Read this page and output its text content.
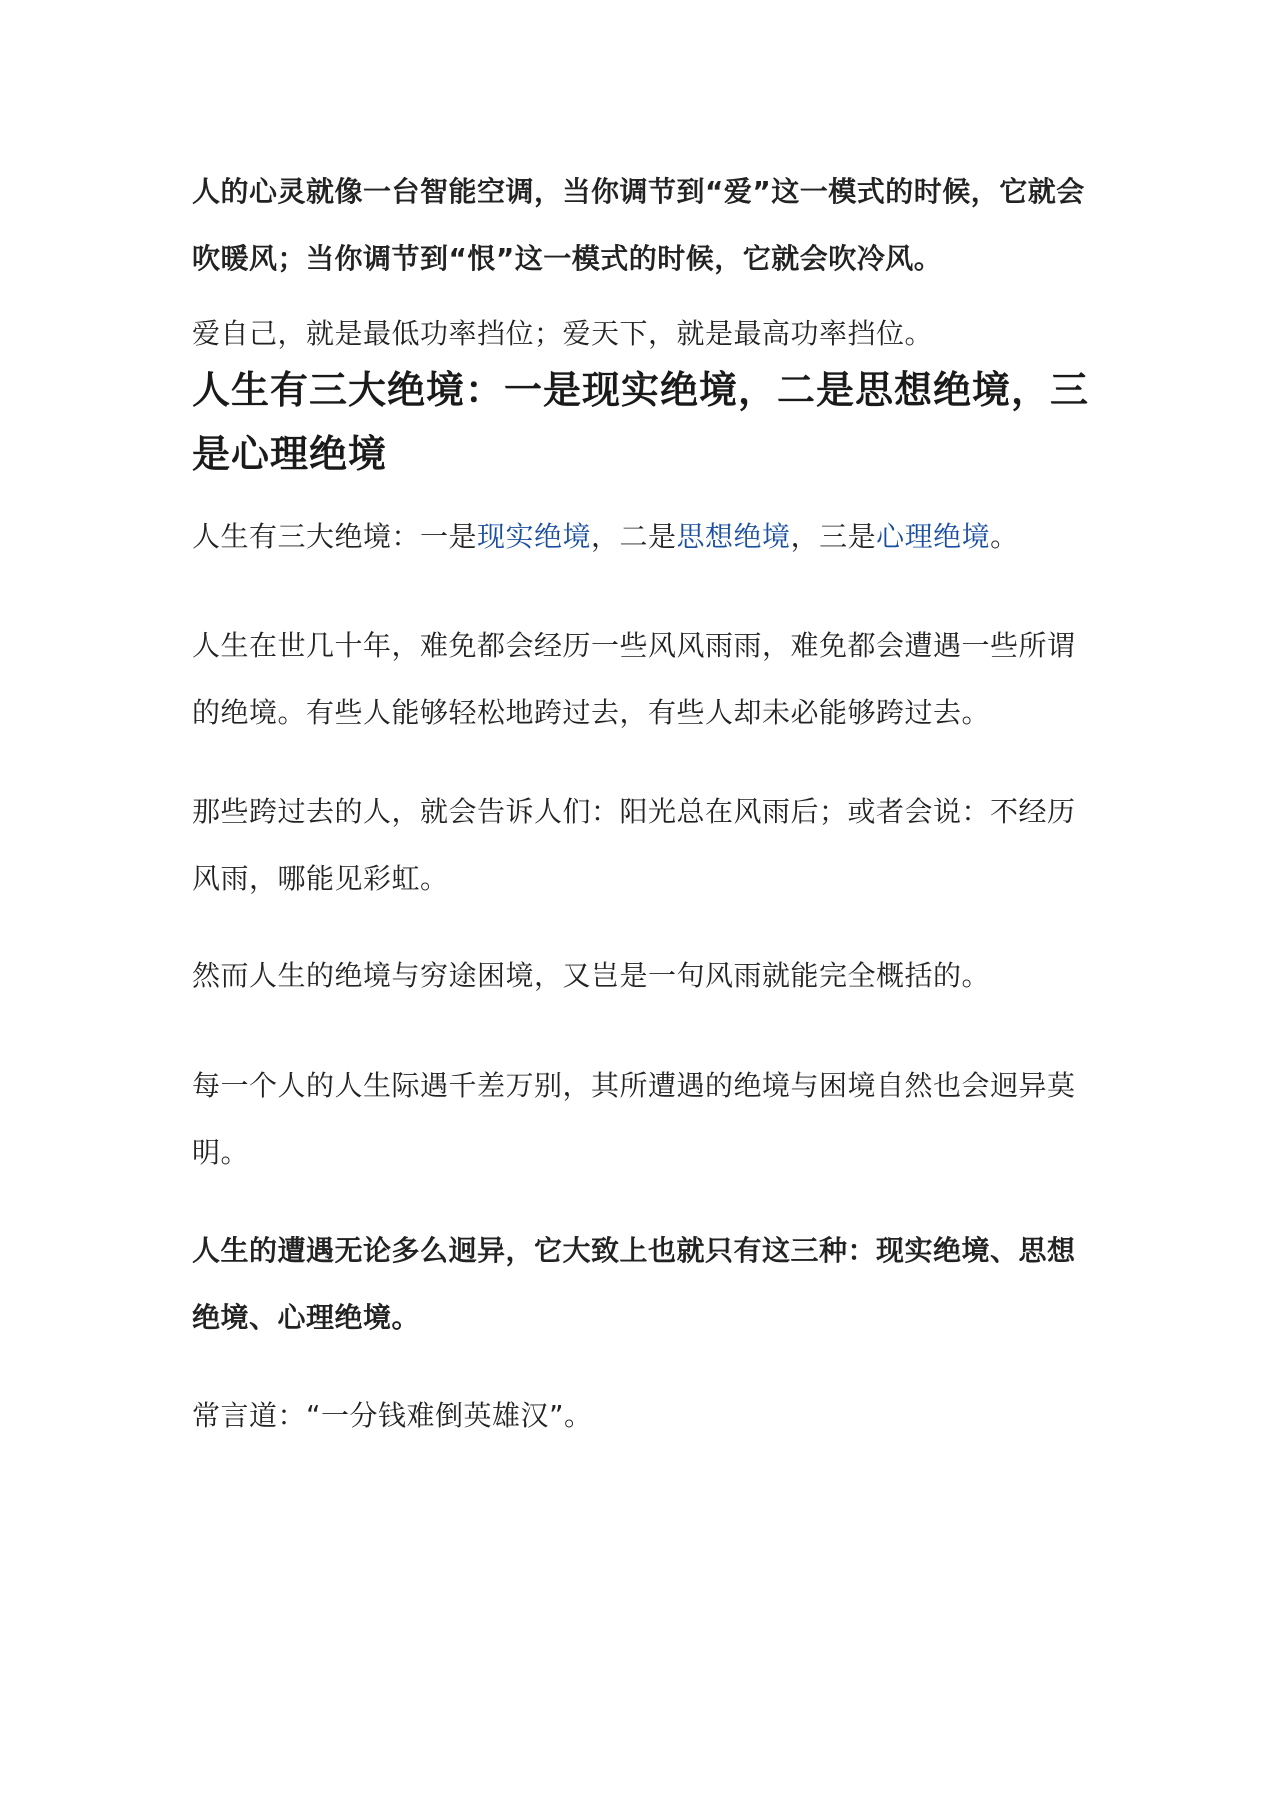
人的心灵就像一台智能空调，当你调节到“爱”这一模式的时候，它就会吹暖风；当你调节到“恨”这一模式的时候，它就会吹冷风。

爱自己，就是最低功率挡位；爱天下，就是最高功率挡位。

人生有三大绝境：一是现实绝境，二是思想绝境，三是心理绝境

人生有三大绝境：一是现实绝境，二是思想绝境，三是心理绝境。

人生在世几十年，难免都会经历一些风风雨雨，难免都会遭遇一些所谓的绝境。有些人能够轻松地跨过去，有些人却未必能够跨过去。

那些跨过去的人，就会告诉人们：阳光总在风雨后；或者会说：不经历风雨，哪能见彩虹。

然而人生的绝境与穷途困境，又岂是一句风雨就能完全概括的。

每一个人的人生际遇千差万别，其所遭遇的绝境与困境自然也会迥异莫明。

人生的遭遇无论多么迥异，它大致上也就只有这三种：现实绝境、思想绝境、心理绝境。

常言道：“一分钱难倒英雄汉”。
